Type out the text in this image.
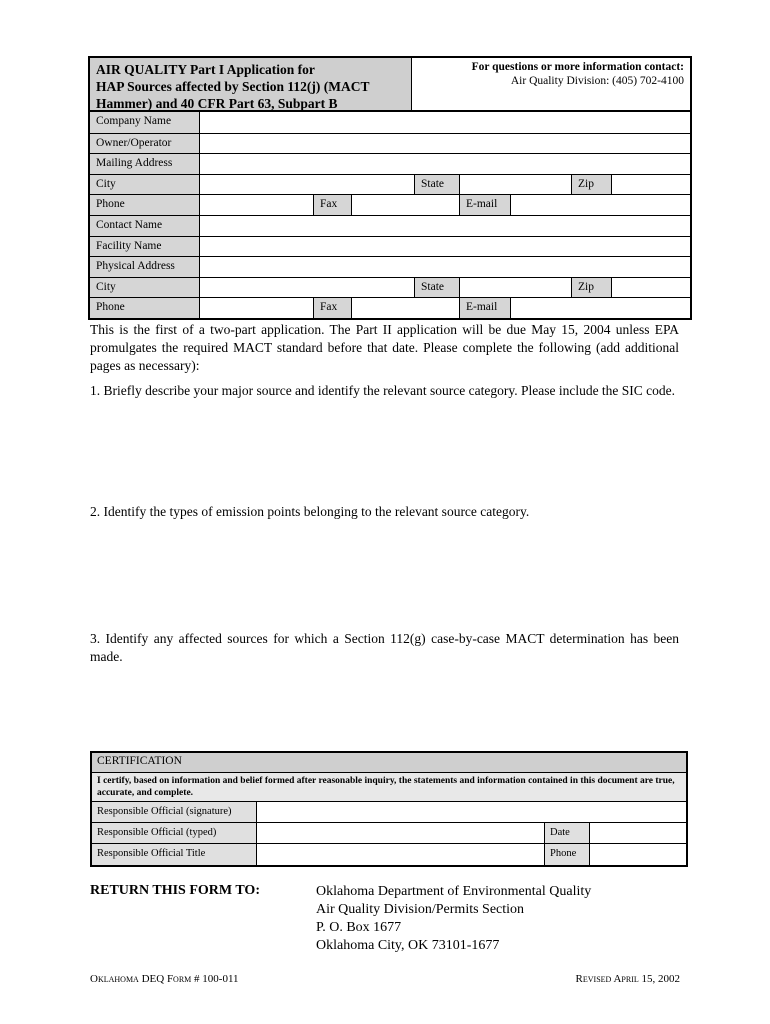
AIR QUALITY Part I Application for
HAP Sources affected by Section 112(j) (MACT
Hammer) and 40 CFR Part 63, Subpart B
For questions or more information contact:
Air Quality Division: (405) 702-4100
Company Name
Owner/Operator
Mailing Address
City	State	Zip
Phone	Fax	E-mail
Contact Name
Facility Name
Physical Address
City	State	Zip
Phone	Fax	E-mail
This is the first of a two-part application. The Part II application will be due May 15, 2004 unless EPA promulgates the required MACT standard before that date. Please complete the following (add additional pages as necessary):
1. Briefly describe your major source and identify the relevant source category. Please include the SIC code.
2. Identify the types of emission points belonging to the relevant source category.
3. Identify any affected sources for which a Section 112(g) case-by-case MACT determination has been made.
CERTIFICATION
I certify, based on information and belief formed after reasonable inquiry, the statements and information contained in this document are true, accurate, and complete.
Responsible Official (signature)
Responsible Official (typed)	Date
Responsible Official Title	Phone
RETURN THIS FORM TO:	Oklahoma Department of Environmental Quality
Air Quality Division/Permits Section
P. O. Box 1677
Oklahoma City, OK 73101-1677
Oklahoma DEQ Form # 100-011	Revised April 15, 2002
